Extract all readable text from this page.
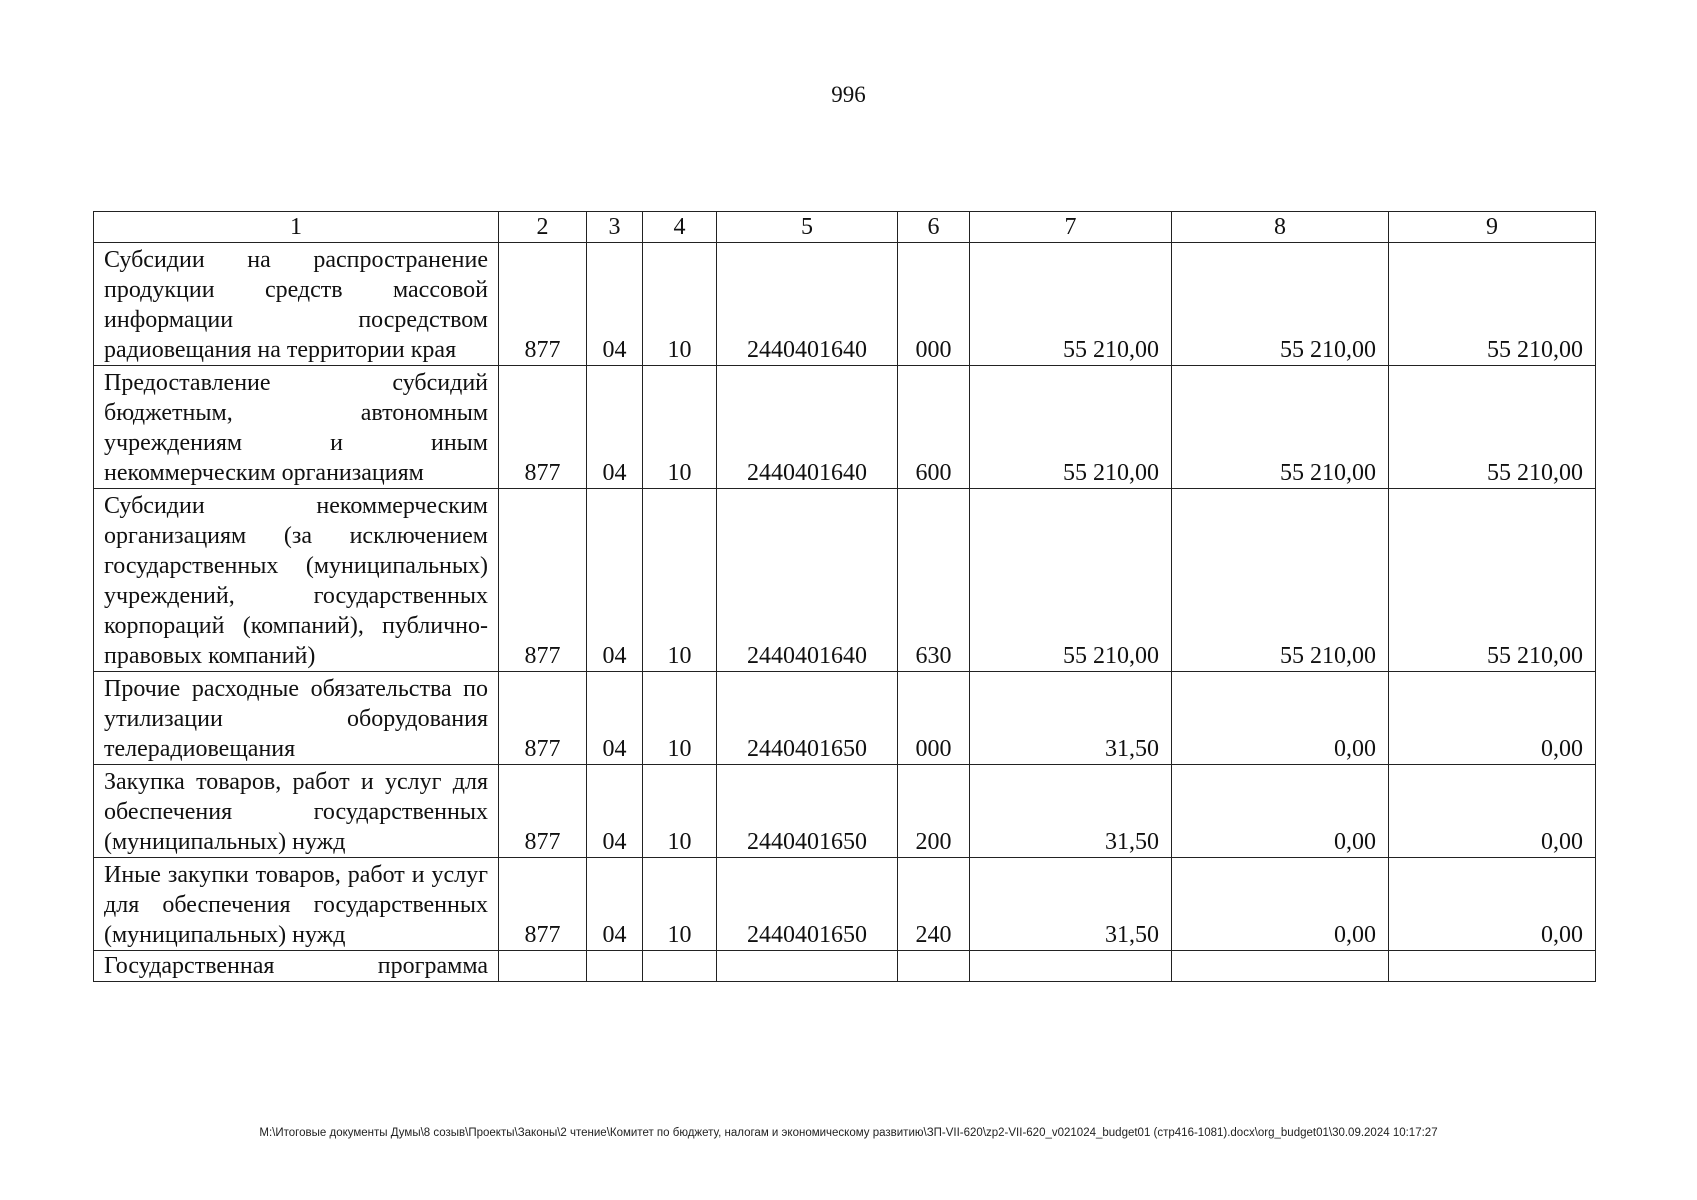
996
1	2	3	4	5	6	7	8	9
Субсидии на распространение продукции средств массовой информации посредством радиовещания на территории края	877	04	10	2440401640	000	55 210,00	55 210,00	55 210,00
Предоставление субсидий бюджетным, автономным учреждениям и иным некоммерческим организациям	877	04	10	2440401640	600	55 210,00	55 210,00	55 210,00
Субсидии некоммерческим организациям (за исключением государственных (муниципальных) учреждений, государственных корпораций (компаний), публично-правовых компаний)	877	04	10	2440401640	630	55 210,00	55 210,00	55 210,00
Прочие расходные обязательства по утилизации оборудования телерадиовещания	877	04	10	2440401650	000	31,50	0,00	0,00
Закупка товаров, работ и услуг для обеспечения государственных (муниципальных) нужд	877	04	10	2440401650	200	31,50	0,00	0,00
Иные закупки товаров, работ и услуг для обеспечения государственных (муниципальных) нужд	877	04	10	2440401650	240	31,50	0,00	0,00
Государственная программа								
M:\Итоговые документы Думы\8 созыв\Проекты\Законы\2 чтение\Комитет по бюджету, налогам и экономическому развитию\ЗП-VII-620\zp2-VII-620_v021024_budget01 (стр416-1081).docx\org_budget01\30.09.2024 10:17:27
